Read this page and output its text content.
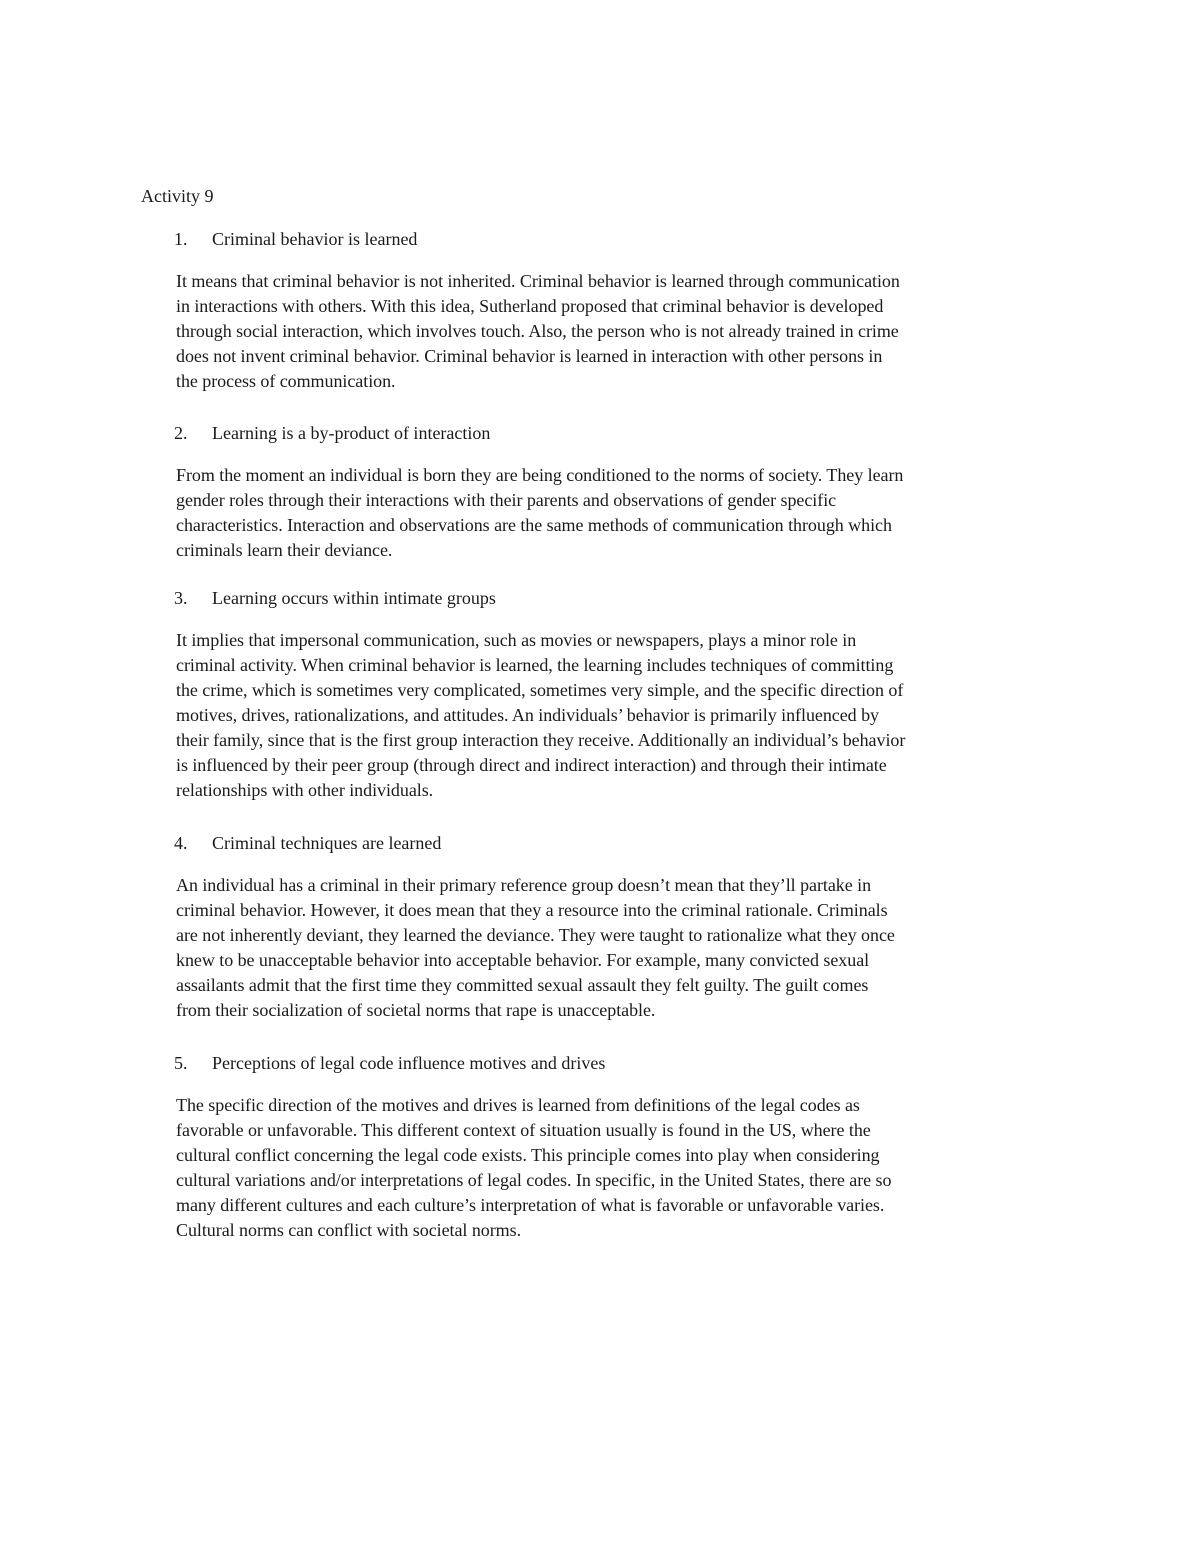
Activity 9
1. Criminal behavior is learned

It means that criminal behavior is not inherited. Criminal behavior is learned through communication
in interactions with others. With this idea, Sutherland proposed that criminal behavior is developed
through social interaction, which involves touch. Also, the person who is not already trained in crime
does not invent criminal behavior. Criminal behavior is learned in interaction with other persons in
the process of communication.

2. Learning is a by-product of interaction

From the moment an individual is born they are being conditioned to the norms of society. They learn
gender roles through their interactions with their parents and observations of gender specific
characteristics. Interaction and observations are the same methods of communication through which
criminals learn their deviance.

3. Learning occurs within intimate groups

It implies that impersonal communication, such as movies or newspapers, plays a minor role in
criminal activity. When criminal behavior is learned, the learning includes techniques of committing
the crime, which is sometimes very complicated, sometimes very simple, and the specific direction of
motives, drives, rationalizations, and attitudes. An individuals’ behavior is primarily influenced by
their family, since that is the first group interaction they receive. Additionally an individual’s behavior
is influenced by their peer group (through direct and indirect interaction) and through their intimate
relationships with other individuals.

4. Criminal techniques are learned

An individual has a criminal in their primary reference group doesn’t mean that they’ll partake in
criminal behavior. However, it does mean that they a resource into the criminal rationale. Criminals
are not inherently deviant, they learned the deviance. They were taught to rationalize what they once
knew to be unacceptable behavior into acceptable behavior. For example, many convicted sexual
assailants admit that the first time they committed sexual assault they felt guilty. The guilt comes
from their socialization of societal norms that rape is unacceptable.

5. Perceptions of legal code influence motives and drives

The specific direction of the motives and drives is learned from definitions of the legal codes as
favorable or unfavorable. This different context of situation usually is found in the US, where the
cultural conflict concerning the legal code exists. This principle comes into play when considering
cultural variations and/or interpretations of legal codes. In specific, in the United States, there are so
many different cultures and each culture’s interpretation of what is favorable or unfavorable varies.
Cultural norms can conflict with societal norms.
